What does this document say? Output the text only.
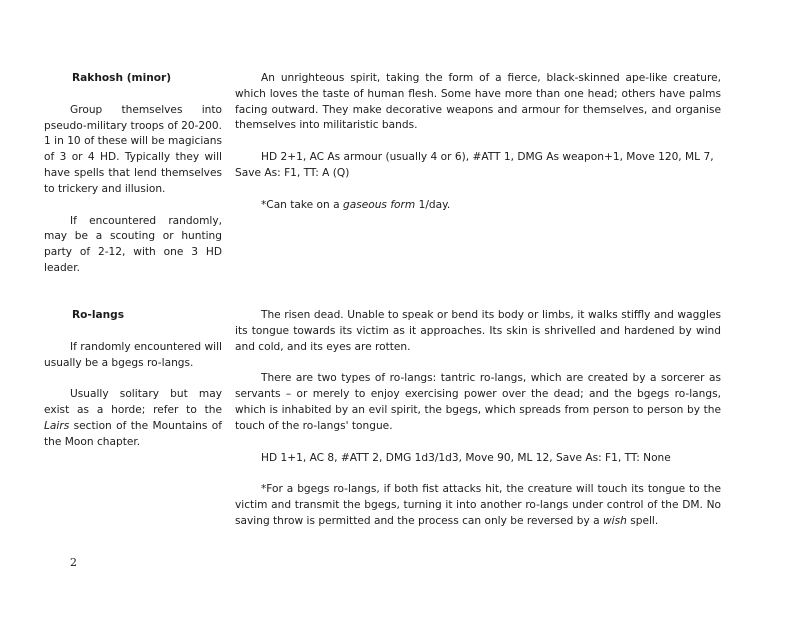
Rakhosh (minor)

Group themselves into pseudo-military troops of 20-200. 1 in 10 of these will be magicians of 3 or 4 HD. Typically they will have spells that lend themselves to trickery and illusion.

If encountered randomly, may be a scouting or hunting party of 2-12, with one 3 HD leader.

An unrighteous spirit, taking the form of a fierce, black-skinned ape-like creature, which loves the taste of human flesh. Some have more than one head; others have palms facing outward. They make decorative weapons and armour for themselves, and organise themselves into militaristic bands.

HD 2+1, AC As armour (usually 4 or 6), #ATT 1, DMG As weapon+1, Move 120, ML 7, Save As: F1, TT: A (Q)

*Can take on a gaseous form 1/day.

Ro-langs

If randomly encountered will usually be a bgegs ro-langs.

Usually solitary but may exist as a horde; refer to the Lairs section of the Mountains of the Moon chapter.

The risen dead. Unable to speak or bend its body or limbs, it walks stiffly and waggles its tongue towards its victim as it approaches. Its skin is shrivelled and hardened by wind and cold, and its eyes are rotten.

There are two types of ro-langs: tantric ro-langs, which are created by a sorcerer as servants – or merely to enjoy exercising power over the dead; and the bgegs ro-langs, which is inhabited by an evil spirit, the bgegs, which spreads from person to person by the touch of the ro-langs' tongue.

HD 1+1, AC 8, #ATT 2, DMG 1d3/1d3, Move 90, ML 12, Save As: F1, TT: None

*For a bgegs ro-langs, if both fist attacks hit, the creature will touch its tongue to the victim and transmit the bgegs, turning it into another ro-langs under control of the DM. No saving throw is permitted and the process can only be reversed by a wish spell.

2
